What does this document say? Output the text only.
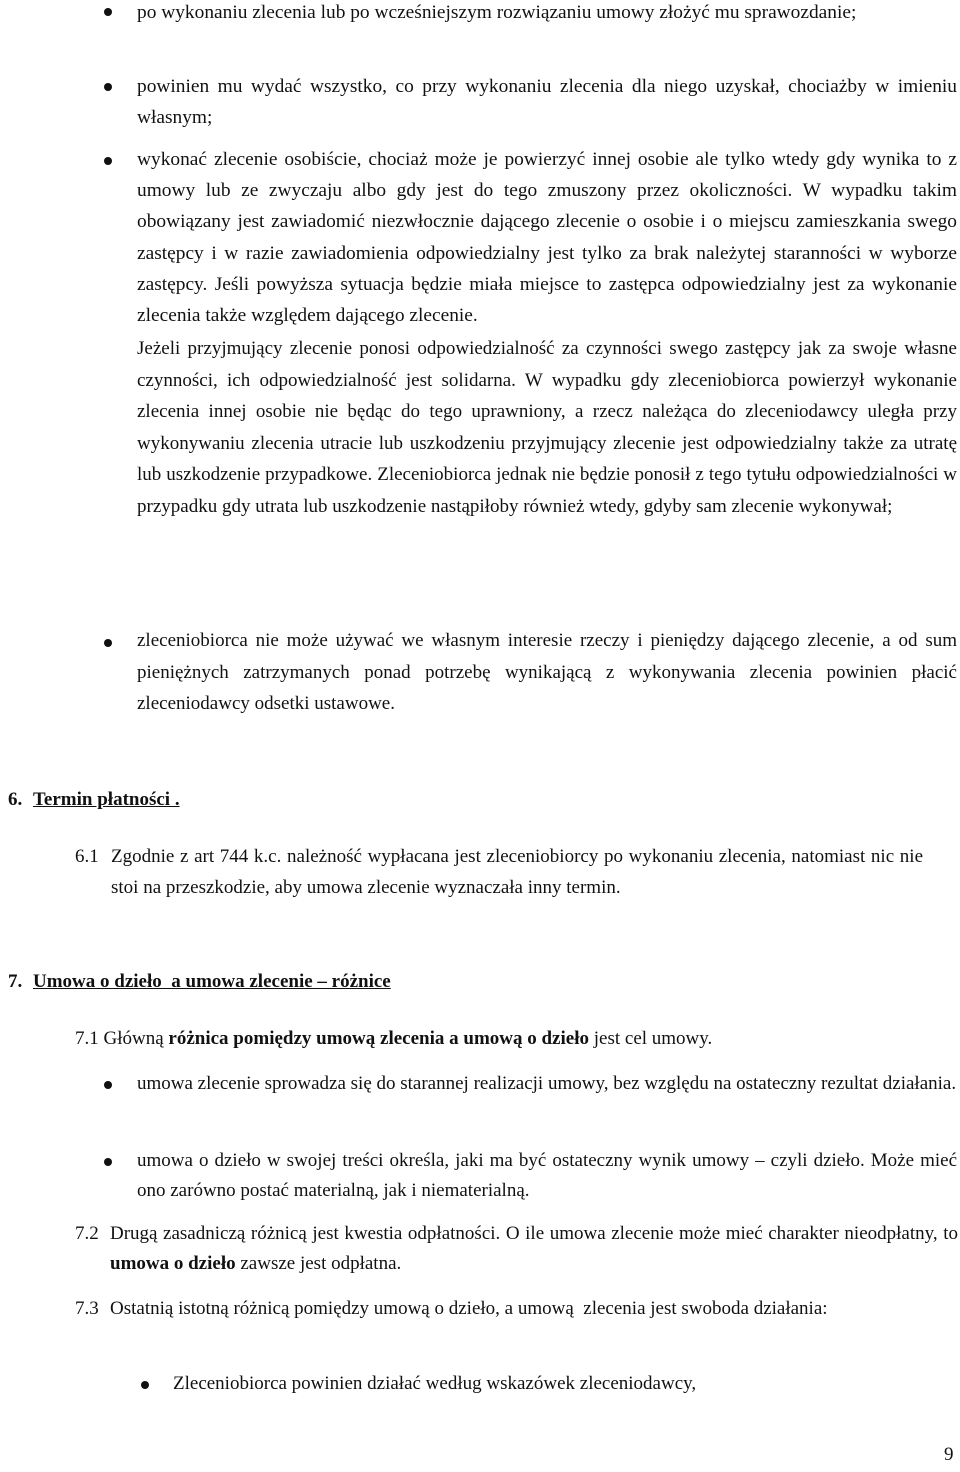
po wykonaniu zlecenia lub po wcześniejszym rozwiązaniu umowy złożyć mu sprawozdanie;
powinien mu wydać wszystko, co przy wykonaniu zlecenia dla niego uzyskał, chociażby w imieniu własnym;
wykonać zlecenie osobiście, chociaż może je powierzyć innej osobie ale tylko wtedy gdy wynika to z umowy lub ze zwyczaju albo gdy jest do tego zmuszony przez okoliczności. W wypadku takim obowiązany jest zawiadomić niezwłocznie dającego zlecenie o osobie i o miejscu zamieszkania swego zastępcy i w razie zawiadomienia odpowiedzialny jest tylko za brak należytej staranności w wyborze zastępcy. Jeśli powyższa sytuacja będzie miała miejsce to zastępca odpowiedzialny jest za wykonanie zlecenia także względem dającego zlecenie.
Jeżeli przyjmujący zlecenie ponosi odpowiedzialność za czynności swego zastępcy jak za swoje własne czynności, ich odpowiedzialność jest solidarna. W wypadku gdy zleceniobiorca powierzył wykonanie zlecenia innej osobie nie będąc do tego uprawniony, a rzecz należąca do zleceniodawcy uległa przy wykonywaniu zlecenia utracie lub uszkodzeniu przyjmujący zlecenie jest odpowiedzialny także za utratę lub uszkodzenie przypadkowe. Zleceniobiorca jednak nie będzie ponosił z tego tytułu odpowiedzialności w przypadku gdy utrata lub uszkodzenie nastąpiłoby również wtedy, gdyby sam zlecenie wykonywał;
zleceniobiorca nie może używać we własnym interesie rzeczy i pieniędzy dającego zlecenie, a od sum pieniężnych zatrzymanych ponad potrzebę wynikającą z wykonywania zlecenia powinien płacić zleceniodawcy odsetki ustawowe.
6. Termin płatności .
6.1 Zgodnie z art 744 k.c. należność wypłacana jest zleceniobiorcy po wykonaniu zlecenia, natomiast nic nie stoi na przeszkodzie, aby umowa zlecenie wyznaczała inny termin.
7. Umowa o dzieło  a umowa zlecenie – różnice
7.1 Główną różnica pomiędzy umową zlecenia a umową o dzieło jest cel umowy.
umowa zlecenie sprowadza się do starannej realizacji umowy, bez względu na ostateczny rezultat działania.
umowa o dzieło w swojej treści określa, jaki ma być ostateczny wynik umowy – czyli dzieło. Może mieć ono zarówno postać materialną, jak i niematerialną.
7.2 Drugą zasadniczą różnicą jest kwestia odpłatności. O ile umowa zlecenie może mieć charakter nieodpłatny, to umowa o dzieło zawsze jest odpłatna.
7.3 Ostatnią istotną różnicą pomiędzy umową o dzieło, a umową  zlecenia jest swoboda działania:
Zleceniobiorca powinien działać według wskazówek zleceniodawcy,
9
